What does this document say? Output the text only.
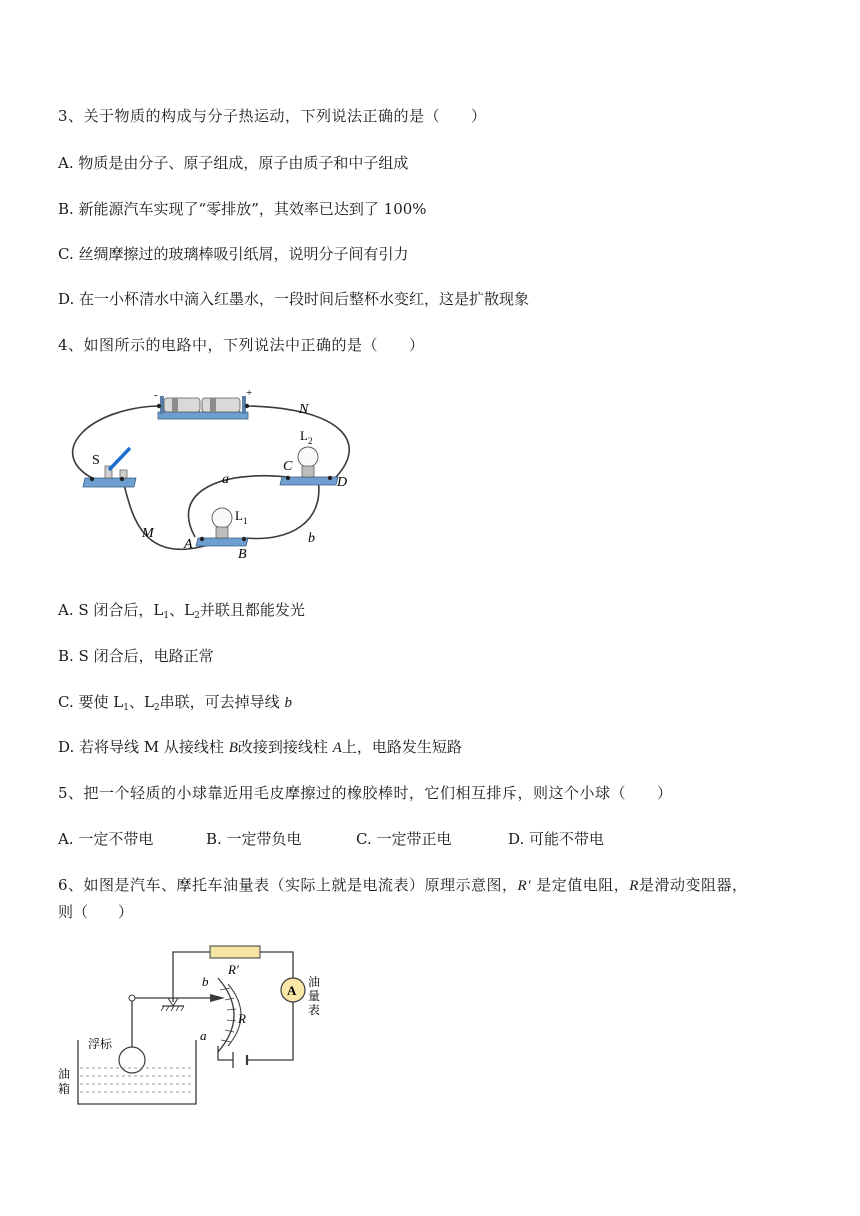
3、关于物质的构成与分子热运动，下列说法正确的是（　　）
A. 物质是由分子、原子组成，原子由质子和中子组成
B. 新能源汽车实现了“零排放”，其效率已达到了 100%
C. 丝绸摩擦过的玻璃棒吸引纸屑，说明分子间有引力
D. 在一小杯清水中滴入红墨水，一段时间后整杯水变红，这是扩散现象
4、如图所示的电路中，下列说法中正确的是（　　）
-	+
N
S
$L_2$
C
D
a
$L_1$
M
A
B
b
A. S 闭合后，$L_1$、$L_2$并联且都能发光
B. S 闭合后，电路正常
C. 要使 $L_1$、$L_2$串联，可去掉导线 b
D. 若将导线 M 从接线柱 B改接到接线柱 A上，电路发生短路
5、把一个轻质的小球靠近用毛皮摩擦过的橡胶棒时，它们相互排斥，则这个小球（　　）
A. 一定不带电	B. 一定带负电	C. 一定带正电	D. 可能不带电
6、如图是汽车、摩托车油量表（实际上就是电流表）原理示意图，R′ 是定值电阻，R是滑动变阻器，
则（　　）
A
b
R′
R
a
浮标
油
箱
油
量
表
